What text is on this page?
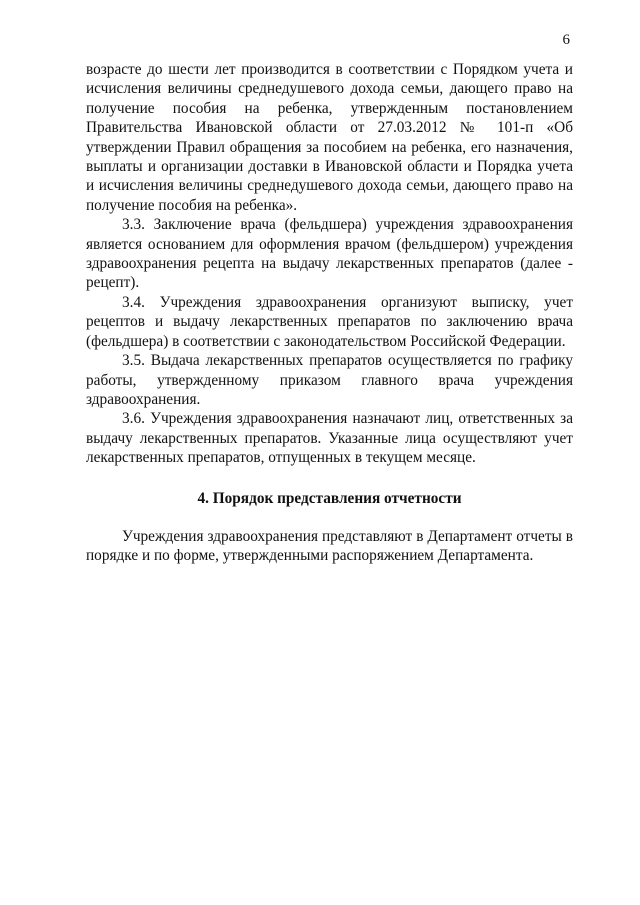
6

возрасте до шести лет производится в соответствии с Порядком учета и исчисления величины среднедушевого дохода семьи, дающего право на получение пособия на ребенка, утвержденным постановлением Правительства Ивановской области от 27.03.2012 № 101-п «Об утверждении Правил обращения за пособием на ребенка, его назначения, выплаты и организации доставки в Ивановской области и Порядка учета и исчисления величины среднедушевого дохода семьи, дающего право на получение пособия на ребенка».

3.3. Заключение врача (фельдшера) учреждения здравоохранения является основанием для оформления врачом (фельдшером) учреждения здравоохранения рецепта на выдачу лекарственных препаратов (далее - рецепт).

3.4. Учреждения здравоохранения организуют выписку, учет рецептов и выдачу лекарственных препаратов по заключению врача (фельдшера) в соответствии с законодательством Российской Федерации.

3.5. Выдача лекарственных препаратов осуществляется по графику работы, утвержденному приказом главного врача учреждения здравоохранения.

3.6. Учреждения здравоохранения назначают лиц, ответственных за выдачу лекарственных препаратов. Указанные лица осуществляют учет лекарственных препаратов, отпущенных в текущем месяце.

4. Порядок представления отчетности

Учреждения здравоохранения представляют в Департамент отчеты в порядке и по форме, утвержденными распоряжением Департамента.
